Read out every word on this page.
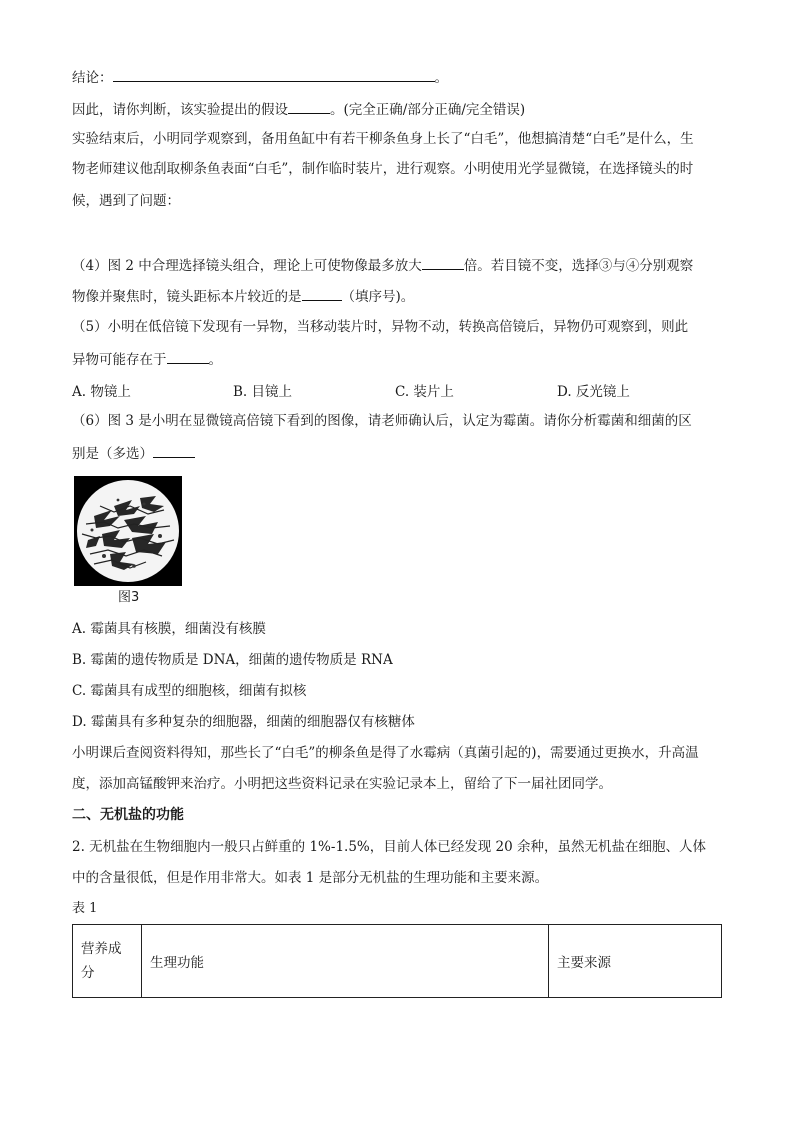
结论：	。
因此，请你判断，该实验提出的假设	。(完全正确/部分正确/完全错误)
实验结束后，小明同学观察到，备用鱼缸中有若干柳条鱼身上长了“白毛”，他想搞清楚“白毛”是什么，生
物老师建议他刮取柳条鱼表面“白毛”，制作临时装片，进行观察。小明使用光学显微镜，在选择镜头的时
候，遇到了问题：
（4）图 2 中合理选择镜头组合，理论上可使物像最多放大	倍。若目镜不变，选择③与④分别观察
物像并聚焦时，镜头距标本片较近的是	（填序号)。
（5）小明在低倍镜下发现有一异物，当移动装片时，异物不动，转换高倍镜后，异物仍可观察到，则此
异物可能存在于	。
A. 物镜上	B. 目镜上	C. 装片上	D. 反光镜上
（6）图 3 是小明在显微镜高倍镜下看到的图像，请老师确认后，认定为霉菌。请你分析霉菌和细菌的区
别是（多选）
图3
A. 霉菌具有核膜，细菌没有核膜
B. 霉菌的遗传物质是 DNA，细菌的遗传物质是 RNA
C. 霉菌具有成型的细胞核，细菌有拟核
D. 霉菌具有多种复杂的细胞器，细菌的细胞器仅有核糖体
小明课后查阅资料得知，那些长了“白毛”的柳条鱼是得了水霉病（真菌引起的)，需要通过更换水，升高温
度，添加高锰酸钾来治疗。小明把这些资料记录在实验记录本上，留给了下一届社团同学。
二、无机盐的功能
2. 无机盐在生物细胞内一般只占鲜重的 1%-1.5%，目前人体已经发现 20 余种，虽然无机盐在细胞、人体
中的含量很低，但是作用非常大。如表 1 是部分无机盐的生理功能和主要来源。
表 1
营养成分	生理功能	主要来源
